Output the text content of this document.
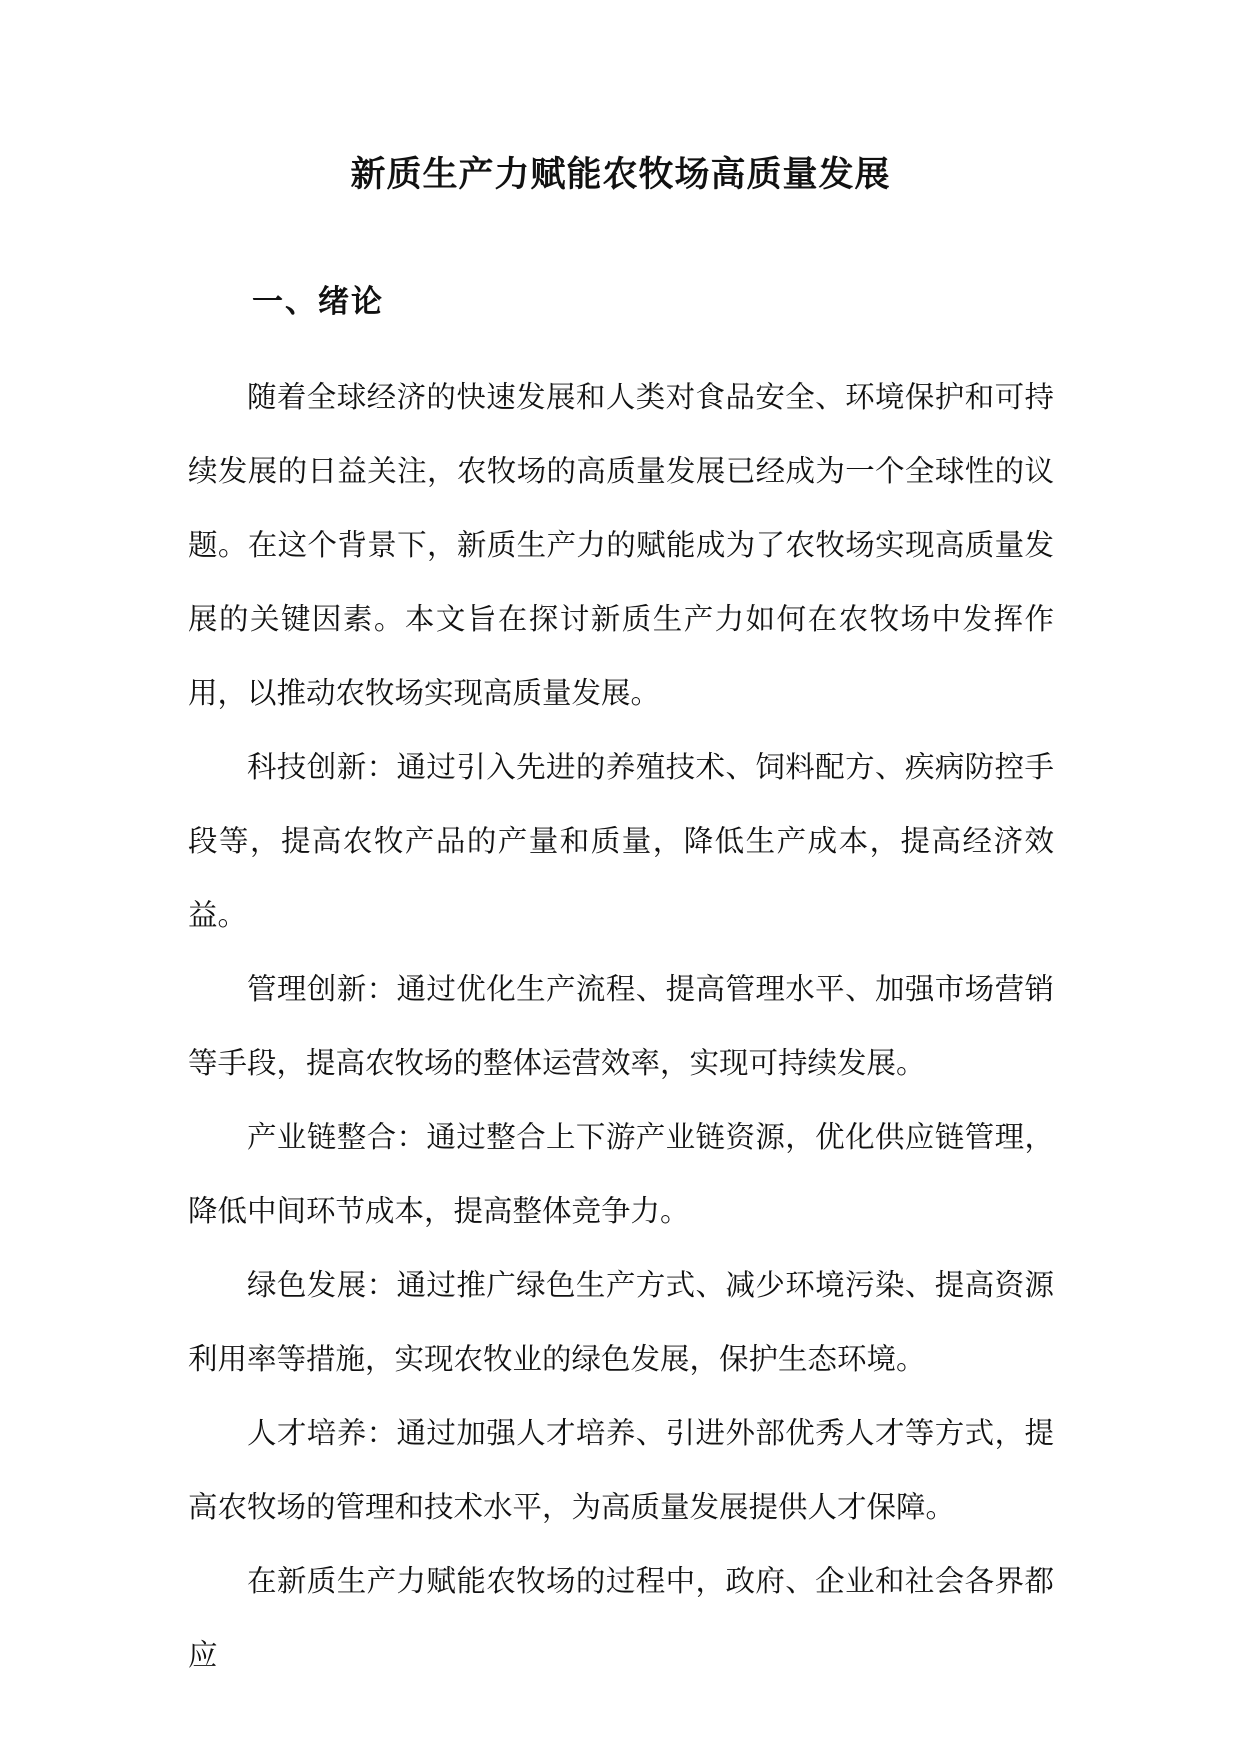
新质生产力赋能农牧场高质量发展
一、绪论

随着全球经济的快速发展和人类对食品安全、环境保护和可持续发展的日益关注，农牧场的高质量发展已经成为一个全球性的议题。在这个背景下，新质生产力的赋能成为了农牧场实现高质量发展的关键因素。本文旨在探讨新质生产力如何在农牧场中发挥作用，以推动农牧场实现高质量发展。

科技创新：通过引入先进的养殖技术、饲料配方、疾病防控手段等，提高农牧产品的产量和质量，降低生产成本，提高经济效益。

管理创新：通过优化生产流程、提高管理水平、加强市场营销等手段，提高农牧场的整体运营效率，实现可持续发展。

产业链整合：通过整合上下游产业链资源，优化供应链管理，降低中间环节成本，提高整体竞争力。

绿色发展：通过推广绿色生产方式、减少环境污染、提高资源利用率等措施，实现农牧业的绿色发展，保护生态环境。

人才培养：通过加强人才培养、引进外部优秀人才等方式，提高农牧场的管理和技术水平，为高质量发展提供人才保障。

在新质生产力赋能农牧场的过程中，政府、企业和社会各界都应
